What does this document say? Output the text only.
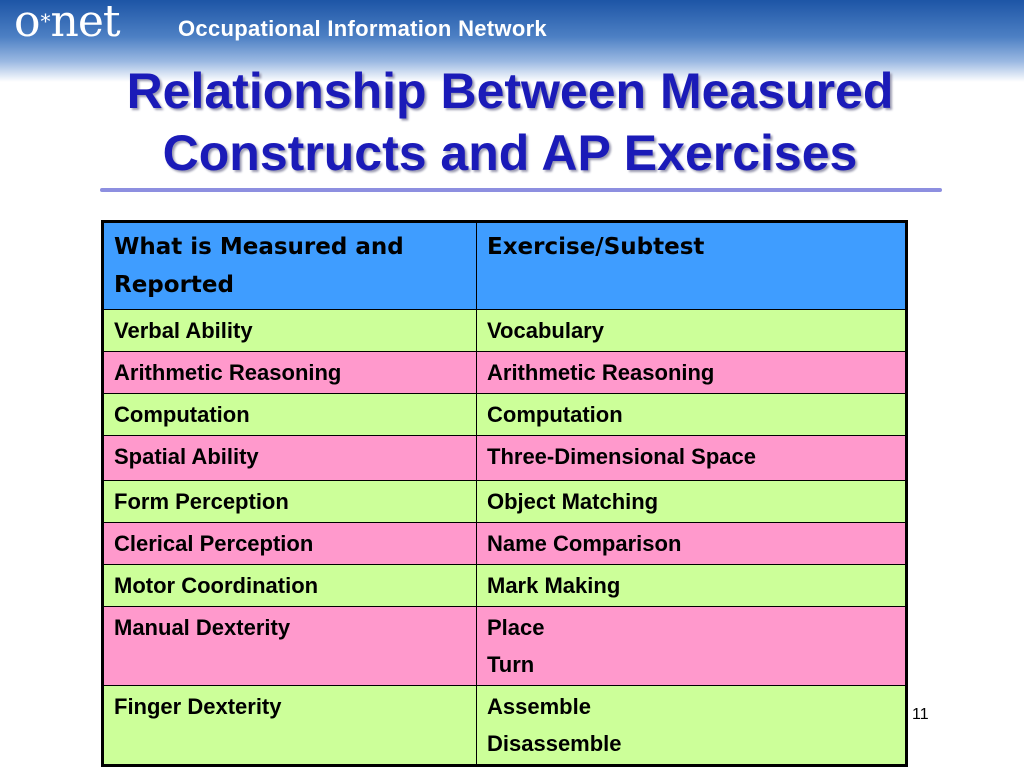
o*net	Occupational Information Network
Relationship Between Measured
Constructs and AP Exercises
What is Measured and Reported	Exercise/Subtest
Verbal Ability	Vocabulary

Arithmetic Reasoning	Arithmetic Reasoning

Computation	Computation

Spatial Ability	Three-Dimensional Space

Form Perception	Object Matching

Clerical Perception	Name Comparison

Motor Coordination	Mark Making

Manual Dexterity	Place
Turn

Finger Dexterity	Assemble
Disassemble
11
